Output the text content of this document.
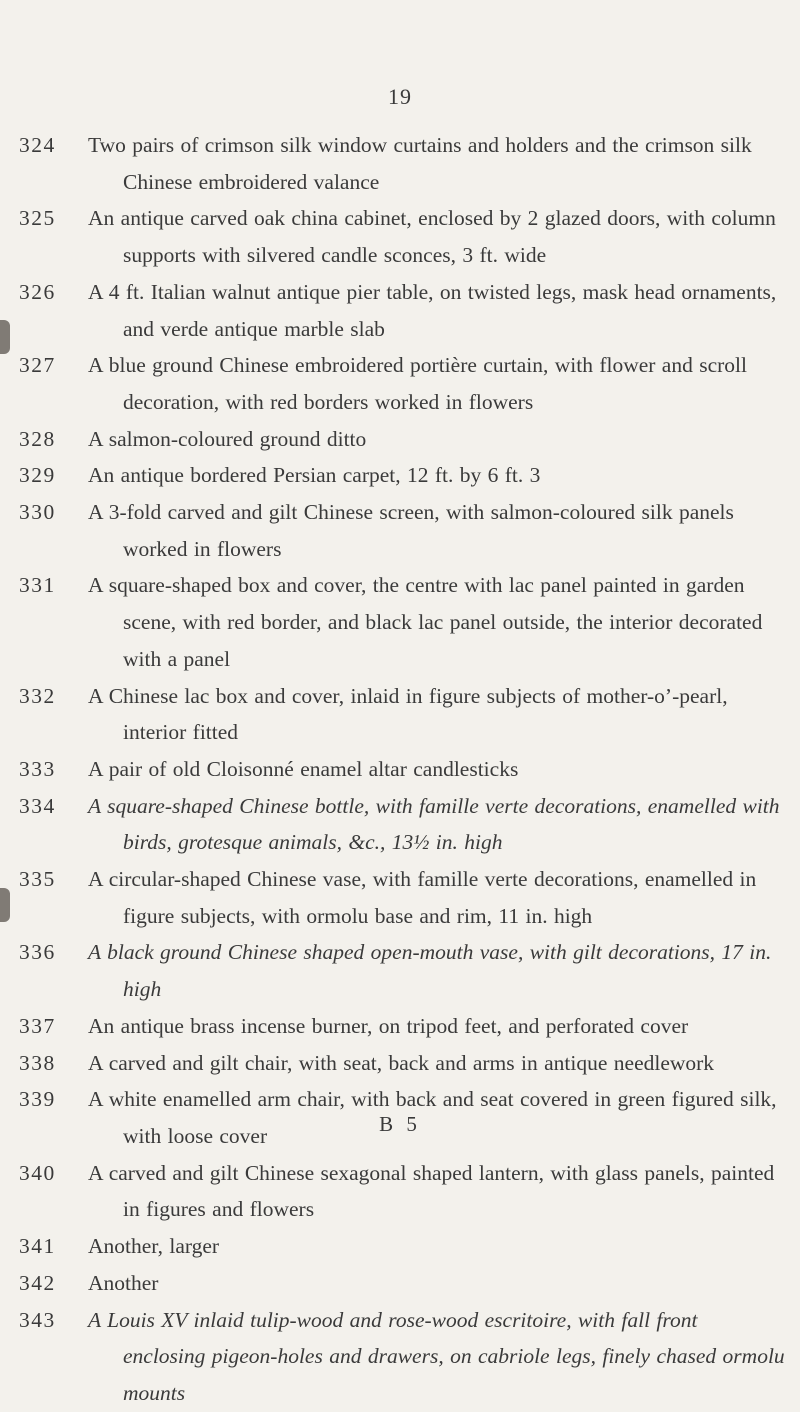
19
324	Two pairs of crimson silk window curtains and holders and the crimson silk Chinese embroidered valance
325	An antique carved oak china cabinet, enclosed by 2 glazed doors, with column supports with silvered candle sconces, 3 ft. wide
326	A 4 ft. Italian walnut antique pier table, on twisted legs, mask head ornaments, and verde antique marble slab
327	A blue ground Chinese embroidered portière curtain, with flower and scroll decoration, with red borders worked in flowers
328	A salmon-coloured ground ditto
329	An antique bordered Persian carpet, 12 ft. by 6 ft. 3
330	A 3-fold carved and gilt Chinese screen, with salmon-coloured silk panels worked in flowers
331	A square-shaped box and cover, the centre with lac panel painted in garden scene, with red border, and black lac panel outside, the interior decorated with a panel
332	A Chinese lac box and cover, inlaid in figure subjects of mother-o’-pearl, interior fitted
333	A pair of old Cloisonné enamel altar candlesticks
334	A square-shaped Chinese bottle, with famille verte decorations, enamelled with birds, grotesque animals, &c., 13½ in. high
335	A circular-shaped Chinese vase, with famille verte decorations, enamelled in figure subjects, with ormolu base and rim, 11 in. high
336	A black ground Chinese shaped open-mouth vase, with gilt decorations, 17 in. high
337	An antique brass incense burner, on tripod feet, and perforated cover
338	A carved and gilt chair, with seat, back and arms in antique needlework
339	A white enamelled arm chair, with back and seat covered in green figured silk, with loose cover
340	A carved and gilt Chinese sexagonal shaped lantern, with glass panels, painted in figures and flowers
341	Another, larger
342	Another
343	A Louis XV inlaid tulip-wood and rose-wood escritoire, with fall front enclosing pigeon-holes and drawers, on cabriole legs, finely chased ormolu mounts
B 5
